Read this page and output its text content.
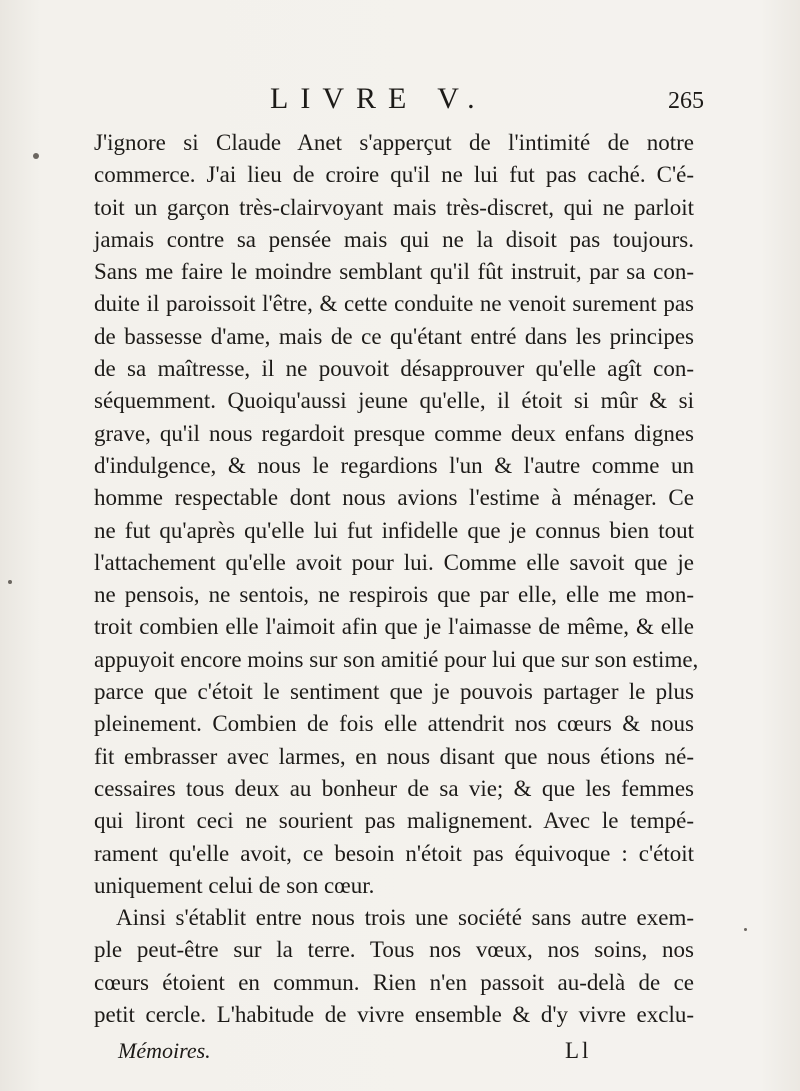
LIVRE V.	265
J'ignore si Claude Anet s'apperçut de l'intimité de notre
commerce. J'ai lieu de croire qu'il ne lui fut pas caché. C'é-
toit un garçon très-clairvoyant mais très-discret, qui ne parloit
jamais contre sa pensée mais qui ne la disoit pas toujours.
Sans me faire le moindre semblant qu'il fût instruit, par sa con-
duite il paroissoit l'être, & cette conduite ne venoit surement pas
de bassesse d'ame, mais de ce qu'étant entré dans les principes
de sa maîtresse, il ne pouvoit désapprouver qu'elle agît con-
séquemment. Quoiqu'aussi jeune qu'elle, il étoit si mûr & si
grave, qu'il nous regardoit presque comme deux enfans dignes
d'indulgence, & nous le regardions l'un & l'autre comme un
homme respectable dont nous avions l'estime à ménager. Ce
ne fut qu'après qu'elle lui fut infidelle que je connus bien tout
l'attachement qu'elle avoit pour lui. Comme elle savoit que je
ne pensois, ne sentois, ne respirois que par elle, elle me mon-
troit combien elle l'aimoit afin que je l'aimasse de même, & elle
appuyoit encore moins sur son amitié pour lui que sur son estime,
parce que c'étoit le sentiment que je pouvois partager le plus
pleinement. Combien de fois elle attendrit nos cœurs & nous
fit embrasser avec larmes, en nous disant que nous étions né-
cessaires tous deux au bonheur de sa vie; & que les femmes
qui liront ceci ne sourient pas malignement. Avec le tempé-
rament qu'elle avoit, ce besoin n'étoit pas équivoque : c'étoit
uniquement celui de son cœur.
Ainsi s'établit entre nous trois une société sans autre exem-
ple peut-être sur la terre. Tous nos vœux, nos soins, nos
cœurs étoient en commun. Rien n'en passoit au-delà de ce
petit cercle. L'habitude de vivre ensemble & d'y vivre exclu-
Mémoires.	Ll
